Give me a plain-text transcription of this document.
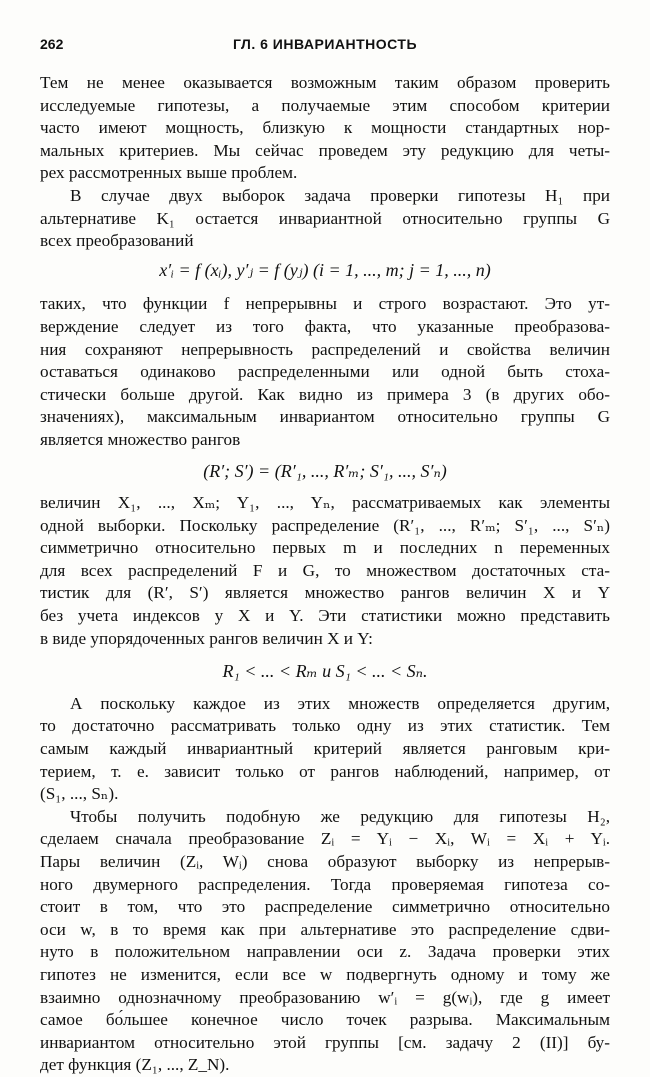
262	ГЛ. 6 ИНВАРИАНТНОСТЬ

Тем не менее оказывается возможным таким образом проверить
исследуемые гипотезы, а получаемые этим способом критерии
часто имеют мощность, близкую к мощности стандартных нор-
мальных критериев. Мы сейчас проведем эту редукцию для четы-
рех рассмотренных выше проблем.

В случае двух выборок задача проверки гипотезы H₁ при
альтернативе K₁ остается инвариантной относительно группы G
всех преобразований

x′ᵢ = f (xᵢ), y′ⱼ = f (yⱼ) (i = 1, ..., m; j = 1, ..., n)

таких, что функции f непрерывны и строго возрастают. Это ут-
верждение следует из того факта, что указанные преобразова-
ния сохраняют непрерывность распределений и свойства величин
оставаться одинаково распределенными или одной быть стоха-
стически больше другой. Как видно из примера 3 (в других обо-
значениях), максимальным инвариантом относительно группы G
является множество рангов

(R′; S′) = (R′₁, ..., R′ₘ; S′₁, ..., S′ₙ)

величин X₁, ..., Xₘ; Y₁, ..., Yₙ, рассматриваемых как элементы
одной выборки. Поскольку распределение (R′₁, ..., R′ₘ; S′₁, ..., S′ₙ)
симметрично относительно первых m и последних n переменных
для всех распределений F и G, то множеством достаточных ста-
тистик для (R′, S′) является множество рангов величин X и Y
без учета индексов у X и Y. Эти статистики можно представить
в виде упорядоченных рангов величин X и Y:

R₁ < ... < Rₘ и S₁ < ... < Sₙ.

А поскольку каждое из этих множеств определяется другим,
то достаточно рассматривать только одну из этих статистик. Тем
самым каждый инвариантный критерий является рангов‌ым кри-
терием, т. е. зависит только от рангов наблюдений, например, от
(S₁, ..., Sₙ).

Чтобы получить подобную же редукцию для гипотезы H₂,
сделаем сначала преобразование Zᵢ = Yᵢ − Xᵢ, Wᵢ = Xᵢ + Yᵢ.
Пары величин (Zᵢ, Wᵢ) снова образуют выборку из непрерыв-
ного двумерного распределения. Тогда проверяемая гипотеза со-
стоит в том, что это распределение симметрично относительно
оси w, в то время как при альтернативе это распределение сдви-
нуто в положительном направлении оси z. Задача проверки этих
гипотез не изменится, если все w подвергнуть одному и тому же
взаимно однозначному преобразованию w′ᵢ = g(wᵢ), где g имеет
самое бо́льшее конечное число точек разрыва. Максимальным
инвариантом относительно этой группы [см. задачу 2 (II)] бу-
дет функция (Z₁, ..., Z_N).
